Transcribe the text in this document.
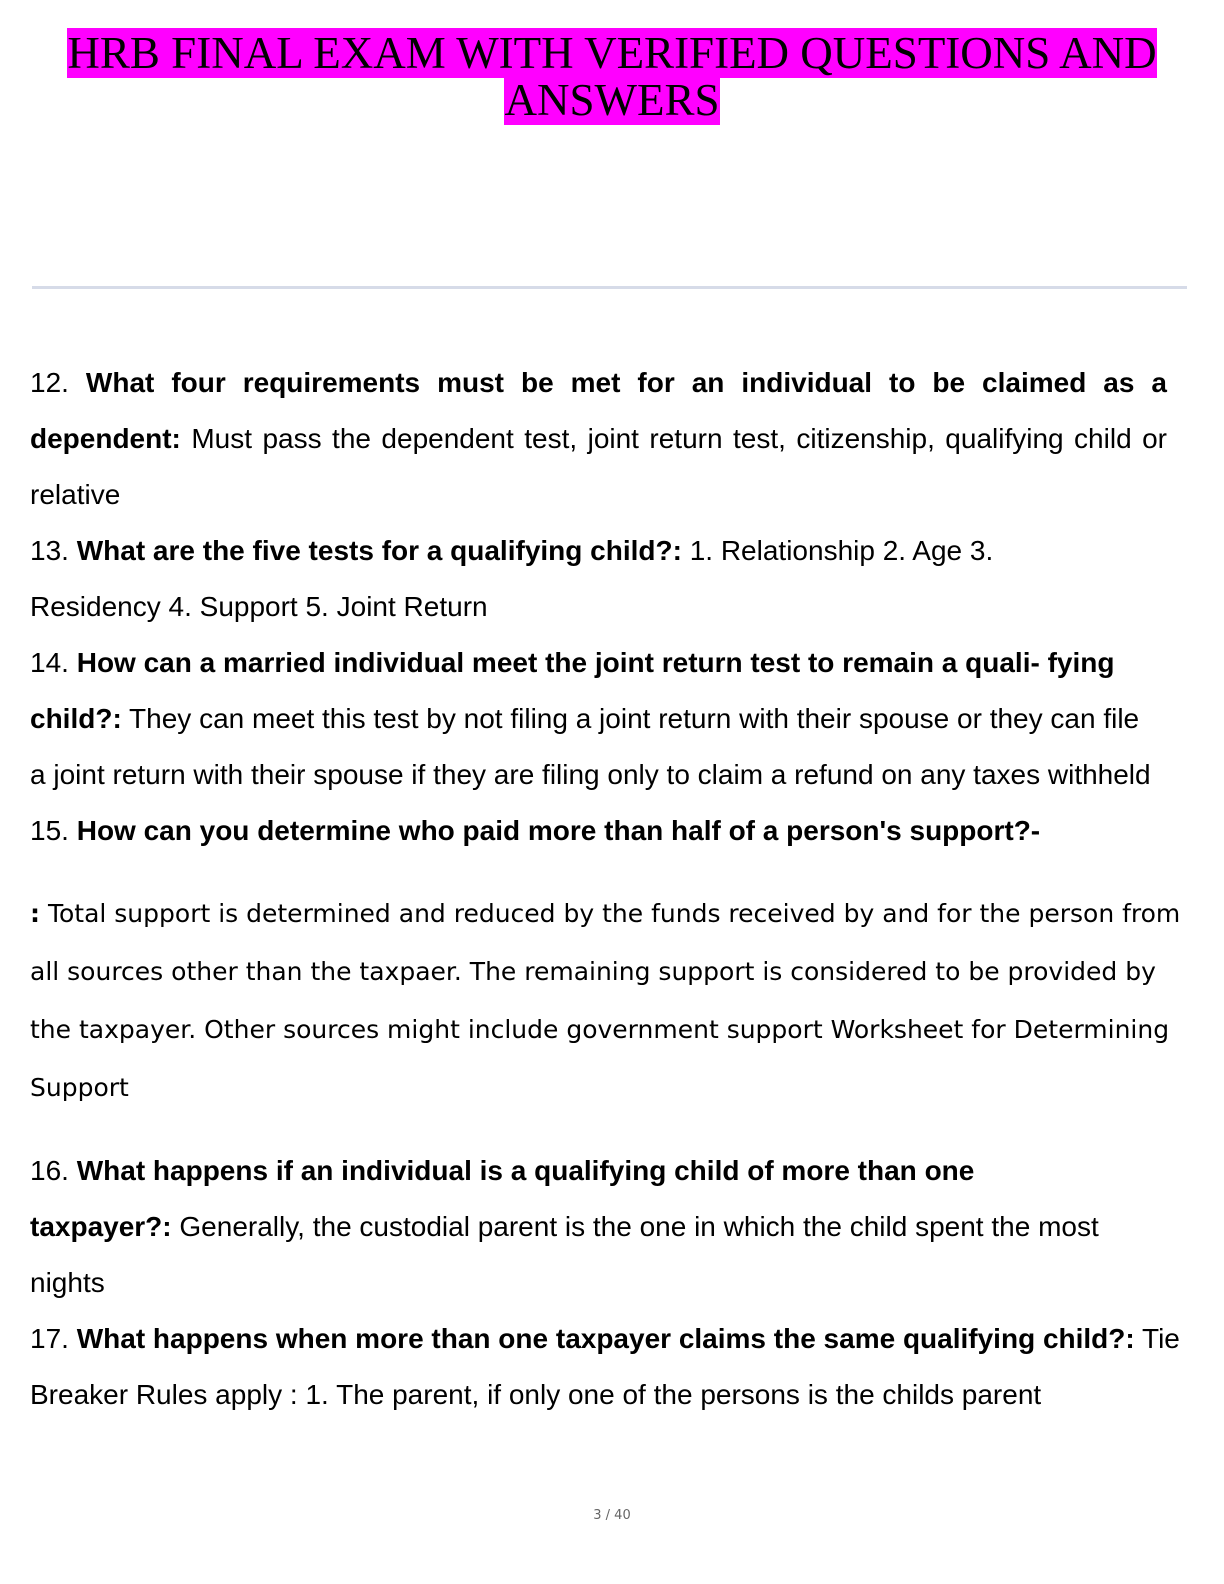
HRB FINAL EXAM WITH VERIFIED QUESTIONS AND ANSWERS

12. What four requirements must be met for an individual to be claimed as a dependent: Must pass the dependent test, joint return test, citizenship, qualifying child or relative

13. What are the five tests for a qualifying child?: 1. Relationship 2. Age 3. Residency 4. Support 5. Joint Return

14. How can a married individual meet the joint return test to remain a quali- fying child?: They can meet this test by not filing a joint return with their spouse or they can file a joint return with their spouse if they are filing only to claim a refund on any taxes withheld

15. How can you determine who paid more than half of a person's support?-

: Total support is determined and reduced by the funds received by and for the person from all sources other than the taxpaer. The remaining support is considered to be provided by the taxpayer. Other sources might include government support Worksheet for Determining Support

16. What happens if an individual is a qualifying child of more than one taxpayer?: Generally, the custodial parent is the one in which the child spent the most nights

17. What happens when more than one taxpayer claims the same qualifying child?: Tie Breaker Rules apply : 1. The parent, if only one of the persons is the childs parent

3 / 40
